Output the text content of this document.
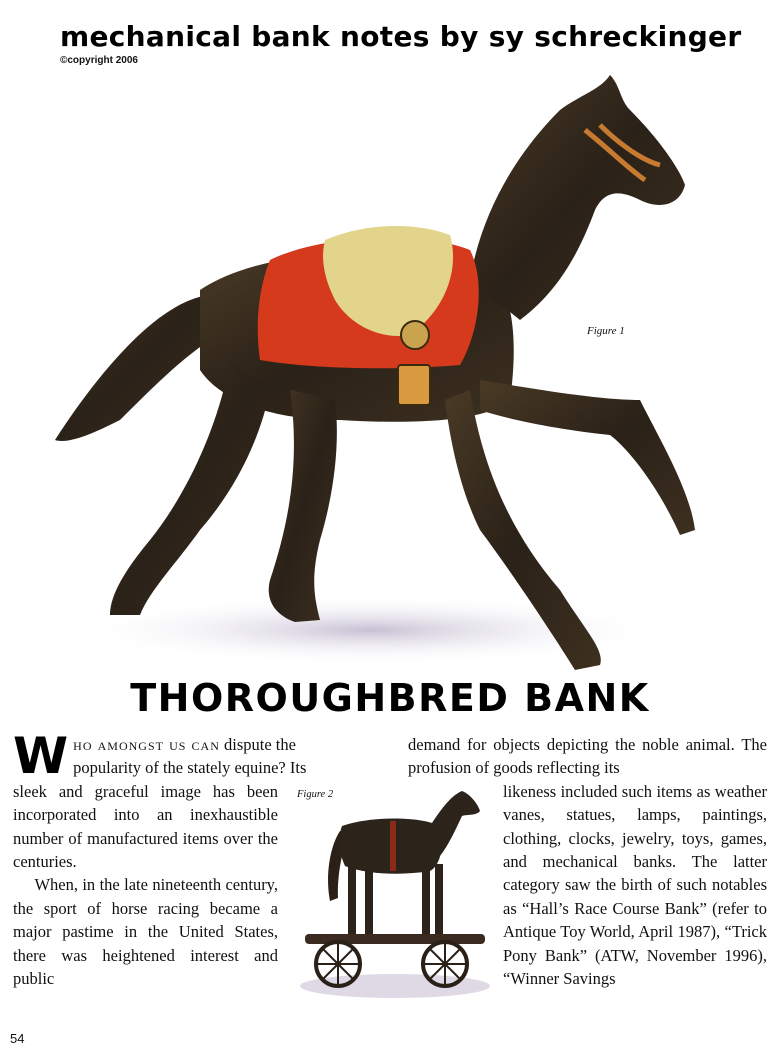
mechanical bank notes by sy schreckinger
©copyright 2006
Figure 1
THOROUGHBRED BANK
W ho amongst us can dispute the
popularity of the stately equine? Its

sleek and graceful image has been incorporated into an inexhaustible number of manufactured items over the centuries.

When, in the late nineteenth century, the sport of horse racing became a major pastime in the United States, there was heightened interest and public

demand for objects depicting the noble animal. The profusion of goods reflecting its

likeness included such items as weather vanes, statues, lamps, paintings, clothing, clocks, jewelry, toys, games, and mechanical banks. The latter category saw the birth of such notables as “Hall’s Race Course Bank” (refer to Antique Toy World, April 1987), “Trick Pony Bank” (ATW, November 1996), “Winner Savings

Figure 2
54
